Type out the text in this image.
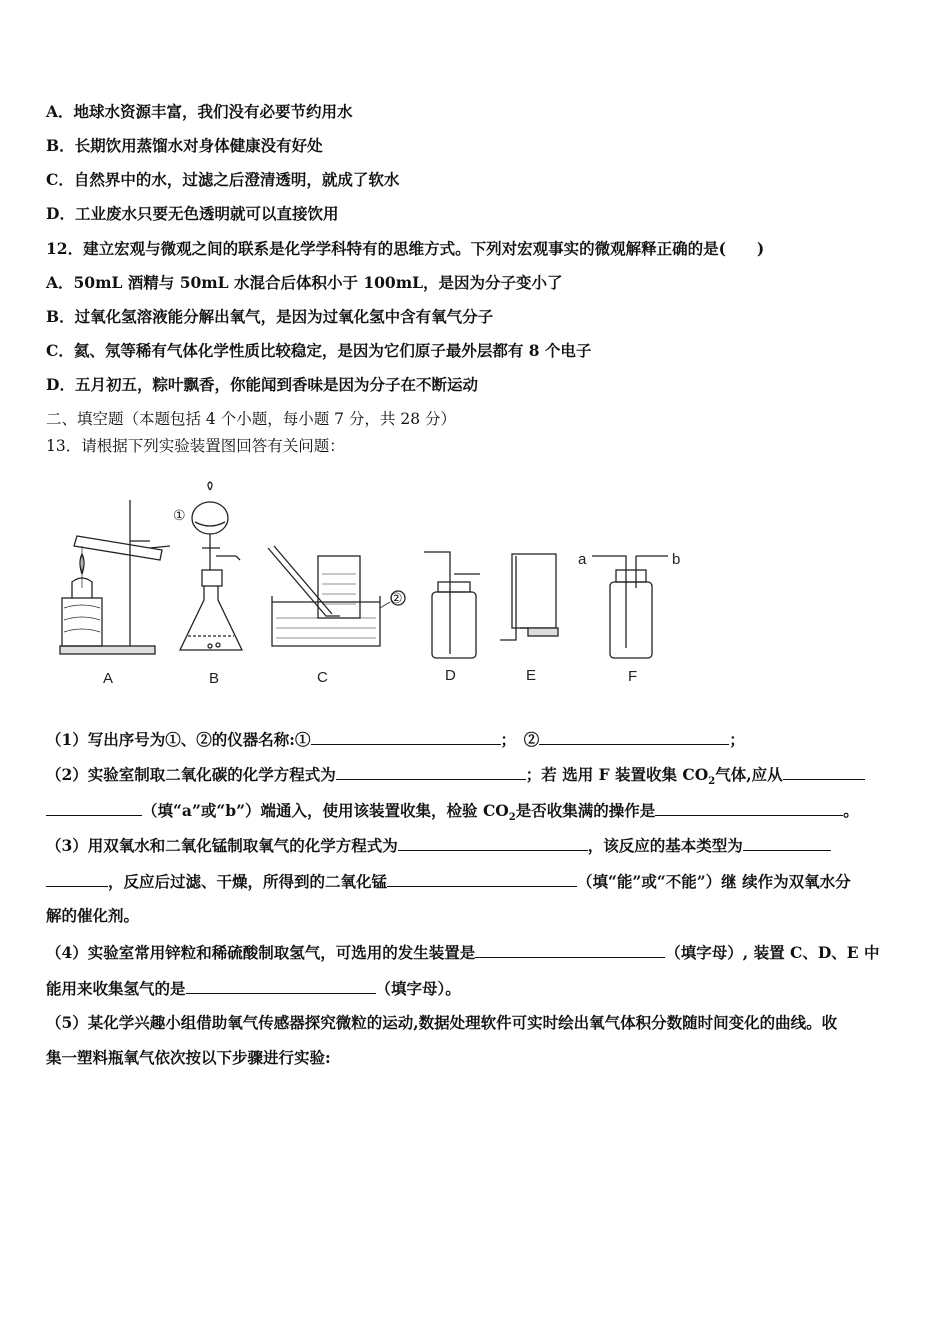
A．地球水资源丰富，我们没有必要节约用水
B．长期饮用蒸馏水对身体健康没有好处
C．自然界中的水，过滤之后澄清透明，就成了软水
D．工业废水只要无色透明就可以直接饮用
12．建立宏观与微观之间的联系是化学学科特有的思维方式。下列对宏观事实的微观解释正确的是(　　)
A．50mL 酒精与 50mL 水混合后体积小于 100mL，是因为分子变小了
B．过氧化氢溶液能分解出氧气，是因为过氧化氢中含有氧气分子
C．氦、氖等稀有气体化学性质比较稳定，是因为它们原子最外层都有 8 个电子
D．五月初五，粽叶飘香，你能闻到香味是因为分子在不断运动
二、填空题（本题包括 4 个小题，每小题 7 分，共 28 分）
13．请根据下列实验装置图回答有关问题：
①
②
a	b
A	B	C	D	E	F
（1）写出序号为①、②的仪器名称:①	；　②	；
（2）实验室制取二氧化碳的化学方程式为	；若 选用 F 装置收集 $CO_2$气体,应从
（填“a”或“b”）端通入，使用该装置收集，检验 $CO_2$是否收集满的操作是	。
（3）用双氧水和二氧化锰制取氧气的化学方程式为	，该反应的基本类型为
，反应后过滤、干燥，所得到的二氧化锰	（填“能”或“不能”）继 续作为双氧水分
解的催化剂。
（4）实验室常用锌粒和稀硫酸制取氢气，可选用的发生装置是	（填字母）, 装置 C、D、E 中
能用来收集氢气的是	（填字母）。
（5）某化学兴趣小组借助氧气传感器探究微粒的运动,数据处理软件可实时绘出氧气体积分数随时间变化的曲线。收
集一塑料瓶氧气依次按以下步骤进行实验:
